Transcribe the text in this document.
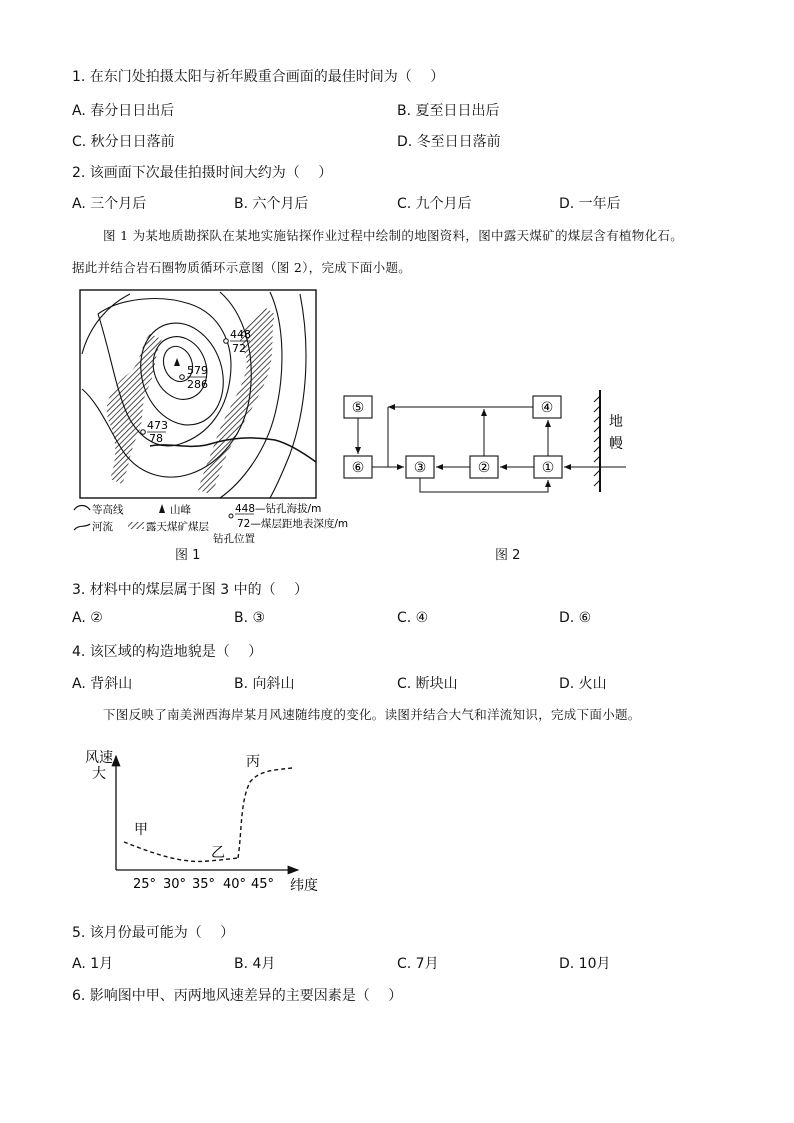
1. 在东门处拍摄太阳与祈年殿重合画面的最佳时间为（　 ）
A. 春分日日出后	B. 夏至日日出后
C. 秋分日日落前	D. 冬至日日落前
2. 该画面下次最佳拍摄时间大约为（　 ）
A. 三个月后	B. 六个月后	C. 九个月后	D. 一年后
图 1 为某地质勘探队在某地实施钻探作业过程中绘制的地图资料，图中露天煤矿的煤层含有植物化石。
据此并结合岩石圈物质循环示意图（图 2），完成下面小题。
448
72
579
286
473
78
等高线	山峰
河流	露天煤矿煤层
448—钻孔海拔/m
72—煤层距地表深度/m
钻孔位置
图 1
⑤	④
⑥	③	②	①
地
幔
图 2
3. 材料中的煤层属于图 3 中的（　 ）
A. ②	B. ③	C. ④	D. ⑥
4. 该区域的构造地貌是（　 ）
A. 背斜山	B. 向斜山	C. 断块山	D. 火山
下图反映了南美洲西海岸某月风速随纬度的变化。读图并结合大气和洋流知识，完成下面小题。
风速
大
甲
乙
丙
25° 30° 35° 40° 45° 纬度
5. 该月份最可能为（　 ）
A. 1月	B. 4月	C. 7月	D. 10月
6. 影响图中甲、丙两地风速差异的主要因素是（　 ）
